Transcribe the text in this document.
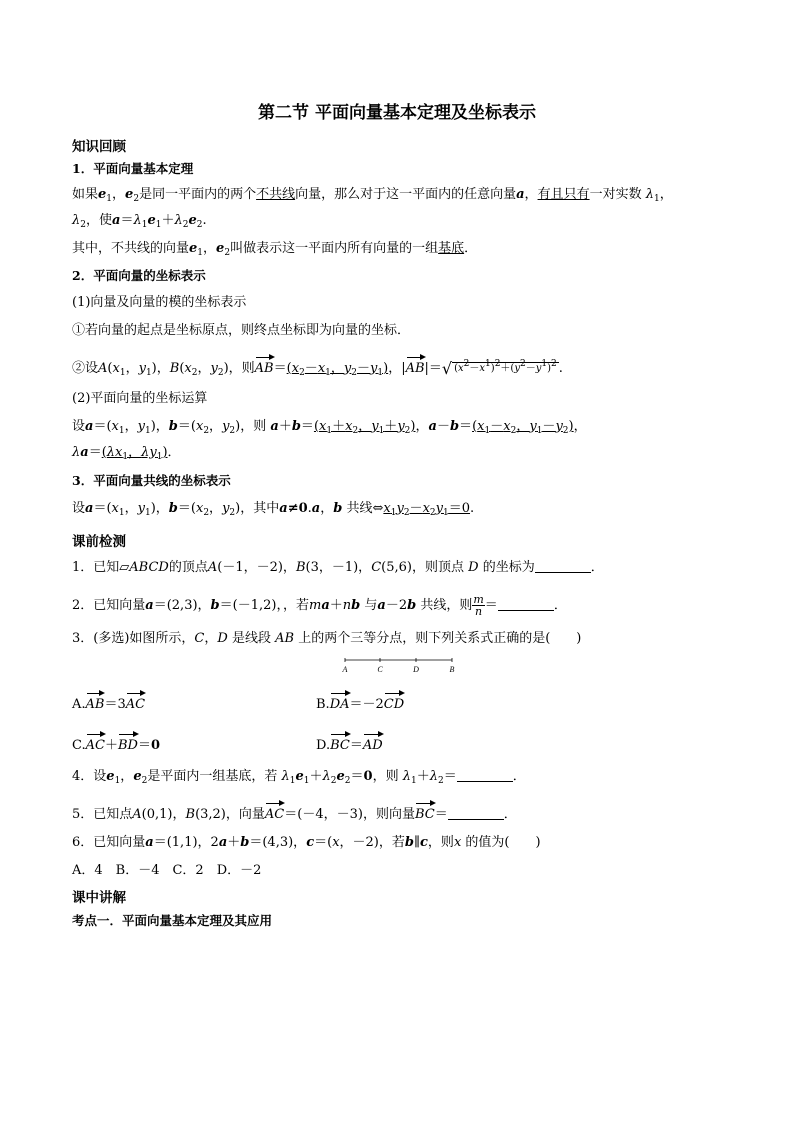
第二节 平面向量基本定理及坐标表示
知识回顾
1．平面向量基本定理
如果$e_1$，$e_2$是同一平面内的两个不共线向量，那么对于这一平面内的任意向量a，有且只有一对实数 $\lambda_1$，
$\lambda_2$，使$a=\lambda_1e_1+\lambda_2e_2$.
其中，不共线的向量$e_1$，$e_2$叫做表示这一平面内所有向量的一组基底．
2．平面向量的坐标表示
(1)向量及向量的模的坐标表示
①若向量的起点是坐标原点，则终点坐标即为向量的坐标．
②设$A(x_1$，$y_1$)，$B(x_2$，$y_2$)，则$AB=(x_2-x_1$，$y_2-y_1$)，|AB|＝√ $(x^2-x^1)^2+(y^2-y^1)^2$ .
(2)平面向量的坐标运算
设$a=(x_1$，$y_1$)，$b=(x_2$，$y_2$)，则 $a+b=(x_1+x_2$，$y_1+y_2$)，$a-b=(x_1-x_2$，$y_1-y_2$)，
$\lambda a=(\lambda x_1$，$\lambda y_1$)．
3．平面向量共线的坐标表示
设$a=(x_1$，$y_1$)，$b=(x_2$，$y_2$)，其中a≠0.a，b 共线$\Leftrightarrow x_1y_2-x_2y_1=0$.
课前检测
1．已知▱ABCD的顶点A(－1，－2)，B(3，－1)，C(5,6)，则顶点 D 的坐标为	．
2．已知向量a＝(2,3)，b＝(－1,2)，，若ma＋nb 与a－2b 共线，则 $\frac{m}{n}$ ＝	．
3．(多选)如图所示，C，D 是线段 AB 上的两个三等分点，则下列关系式正确的是(　　)
A	C	D	B
A.AB＝3AC	B.DA＝－2CD
C.AC＋BD＝0	D.BC＝AD
4．设$e_1$，$e_2$是平面内一组基底，若 $\lambda_1e_1+\lambda_2e_2=0$，则 $\lambda_1+\lambda_2=$	．
5．已知点A(0,1)，B(3,2)，向量AC＝(－4，－3)，则向量BC＝	．
6．已知向量a＝(1,1)，2a＋b＝(4,3)，c＝(x，－2)，若b∥c，则x 的值为(　　)
A．4　B．－4　C．2　D．－2
课中讲解
考点一．平面向量基本定理及其应用
